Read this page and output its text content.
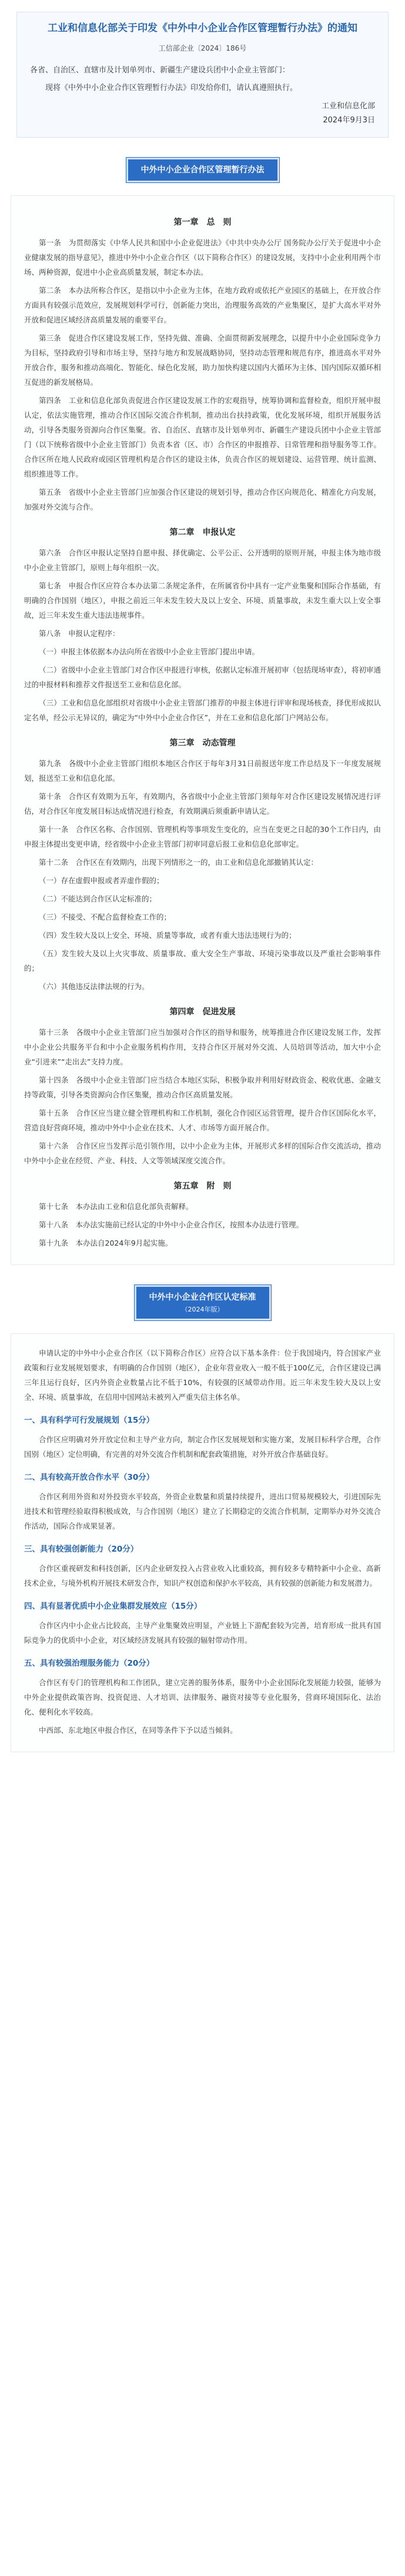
工业和信息化部关于印发《中外中小企业合作区管理暂行办法》的通知
工信部企业〔2024〕186号

各省、自治区、直辖市及计划单列市、新疆生产建设兵团中小企业主管部门：

现将《中外中小企业合作区管理暂行办法》印发给你们，请认真遵照执行。

工业和信息化部
2024年9月3日
中外中小企业合作区管理暂行办法
第一章　总　则

第一条　为贯彻落实《中华人民共和国中小企业促进法》《中共中央办公厅 国务院办公厅关于促进中小企业健康发展的指导意见》，推进中外中小企业合作区（以下简称合作区）的建设发展，支持中小企业利用两个市场、两种资源，促进中小企业高质量发展，制定本办法。

第二条　本办法所称合作区，是指以中小企业为主体，在地方政府或依托产业园区的基础上，在开放合作方面具有较强示范效应，发展规划科学可行，创新能力突出，治理服务高效的产业集聚区，是扩大高水平对外开放和促进区域经济高质量发展的重要平台。

第三条　促进合作区建设发展工作，坚持先做、准确、全面贯彻新发展理念，以提升中小企业国际竞争力为目标，坚持政府引导和市场主导，坚持与地方和发展战略协同，坚持动态管理和规范有序，推进高水平对外开放合作，服务和推动高端化、智能化、绿色化发展，助力加快构建以国内大循环为主体、国内国际双循环相互促进的新发展格局。

第四条　工业和信息化部负责促进合作区建设发展工作的宏观指导，统筹协调和监督检查，组织开展申报认定，依法实施管理，推动合作区国际交流合作机制，推动出台扶持政策，优化发展环境，组织开展服务活动，引导各类服务资源向合作区集聚。省、自治区、直辖市及计划单列市、新疆生产建设兵团中小企业主管部门（以下统称省级中小企业主管部门）负责本省（区、市）合作区的申报推荐、日常管理和指导服务等工作。合作区所在地人民政府或园区管理机构是合作区的建设主体，负责合作区的规划建设、运营管理、统计监测、组织推进等工作。

第五条　省级中小企业主管部门应加强合作区建设的规划引导，推动合作区向规范化、精准化方向发展，加强对外交流与合作。

第二章　申报认定

第六条　合作区申报认定坚持自愿申报、择优确定、公平公正、公开透明的原则开展，申报主体为地市级中小企业主管部门，原则上每年组织一次。

第七条　申报合作区应符合本办法第二条规定条件，在所属省份中具有一定产业集聚和国际合作基础，有明确的合作国别（地区），申报之前近三年未发生较大及以上安全、环境、质量事故，未发生重大以上安全事故，近三年未发生重大违法违规事件。

第八条　申报认定程序：

（一）申报主体依据本办法向所在省级中小企业主管部门提出申请。

（二）省级中小企业主管部门对合作区申报进行审核，依据认定标准开展初审（包括现场审查），将初审通过的申报材料和推荐文件报送至工业和信息化部。

（三）工业和信息化部组织对省级中小企业主管部门推荐的申报主体进行评审和现场核查，择优形成拟认定名单，经公示无异议的，确定为“中外中小企业合作区”，并在工业和信息化部门户网站公布。

第三章　动态管理

第九条　各级中小企业主管部门组织本地区合作区于每年3月31日前报送年度工作总结及下一年度发展规划，报送至工业和信息化部。

第十条　合作区有效期为五年，有效期内，各省级中小企业主管部门须每年对合作区建设发展情况进行评估，对合作区年度发展目标达成情况进行检查，有效期满后须重新申请认定。

第十一条　合作区名称、合作国别、管理机构等事项发生变化的，应当在变更之日起的30个工作日内，由申报主体提出变更申请，经省级中小企业主管部门初审同意后报工业和信息化部审定。

第十二条　合作区在有效期内，出现下列情形之一的，由工业和信息化部撤销其认定：

（一）存在虚假申报或者弄虚作假的；

（二）不能达到合作区认定标准的；

（三）不接受、不配合监督检查工作的；

（四）发生较大及以上安全、环境、质量等事故，或者有重大违法违规行为的；

（五）发生较大及以上火灾事故、质量事故、重大安全生产事故、环境污染事故以及严重社会影响事件的；

（六）其他违反法律法规的行为。

第四章　促进发展

第十三条　各级中小企业主管部门应当加强对合作区的指导和服务，统筹推进合作区建设发展工作，发挥中小企业公共服务平台和中小企业服务机构作用，支持合作区开展对外交流、人员培训等活动，加大中小企业“引进来”“走出去”支持力度。

第十四条　各级中小企业主管部门应当结合本地区实际，积极争取并利用好财政资金、税收优惠、金融支持等政策，引导各类资源向合作区集聚，推动合作区高质量发展。

第十五条　合作区应当建立健全管理机构和工作机制，强化合作园区运营管理，提升合作区国际化水平，营造良好营商环境，推动中外中小企业在技术、人才、市场等方面开展合作。

第十六条　合作区应当发挥示范引领作用，以中小企业为主体，开展形式多样的国际合作交流活动，推动中外中小企业在经贸、产业、科技、人文等领域深度交流合作。

第五章　附　则

第十七条　本办法由工业和信息化部负责解释。

第十八条　本办法实施前已经认定的中外中小企业合作区，按照本办法进行管理。

第十九条　本办法自2024年9月起实施。

中外中小企业合作区认定标准
（2024年版）

申请认定的中外中小企业合作区（以下简称合作区）应符合以下基本条件：位于我国境内，符合国家产业政策和行业发展规划要求，有明确的合作国别（地区），企业年营业收入一般不低于100亿元，合作区建设已满三年且运行良好，区内外资企业数量占比不低于10%，有较强的区域带动作用。近三年未发生较大及以上安全、环境、质量事故，在信用中国网站未被列入严重失信主体名单。

一、具有科学可行发展规划（15分）

合作区应明确对外开放定位和主导产业方向，制定合作区发展规划和实施方案，发展目标科学合理，合作国别（地区）定位明确，有完善的对外交流合作机制和配套政策措施，对外开放合作基础良好。

二、具有较高开放合作水平（30分）

合作区利用外资和对外投资水平较高，外资企业数量和质量持续提升，进出口贸易规模较大，引进国际先进技术和管理经验取得积极成效，与合作国别（地区）建立了长期稳定的交流合作机制，定期举办对外交流合作活动，国际合作成果显著。

三、具有较强创新能力（20分）

合作区重视研发和科技创新，区内企业研发投入占营业收入比重较高，拥有较多专精特新中小企业、高新技术企业，与境外机构开展技术研发合作，知识产权创造和保护水平较高，具有较强的创新能力和发展潜力。

四、具有显著优质中小企业集群发展效应（15分）

合作区内中小企业占比较高，主导产业集聚效应明显，产业链上下游配套较为完善，培育形成一批具有国际竞争力的优质中小企业，对区域经济发展具有较强的辐射带动作用。

五、具有较强治理服务能力（20分）

合作区有专门的管理机构和工作团队，建立完善的服务体系，服务中小企业国际化发展能力较强，能够为中外企业提供政策咨询、投资促进、人才培训、法律服务、融资对接等专业化服务，营商环境国际化、法治化、便利化水平较高。

中西部、东北地区申报合作区，在同等条件下予以适当倾斜。
